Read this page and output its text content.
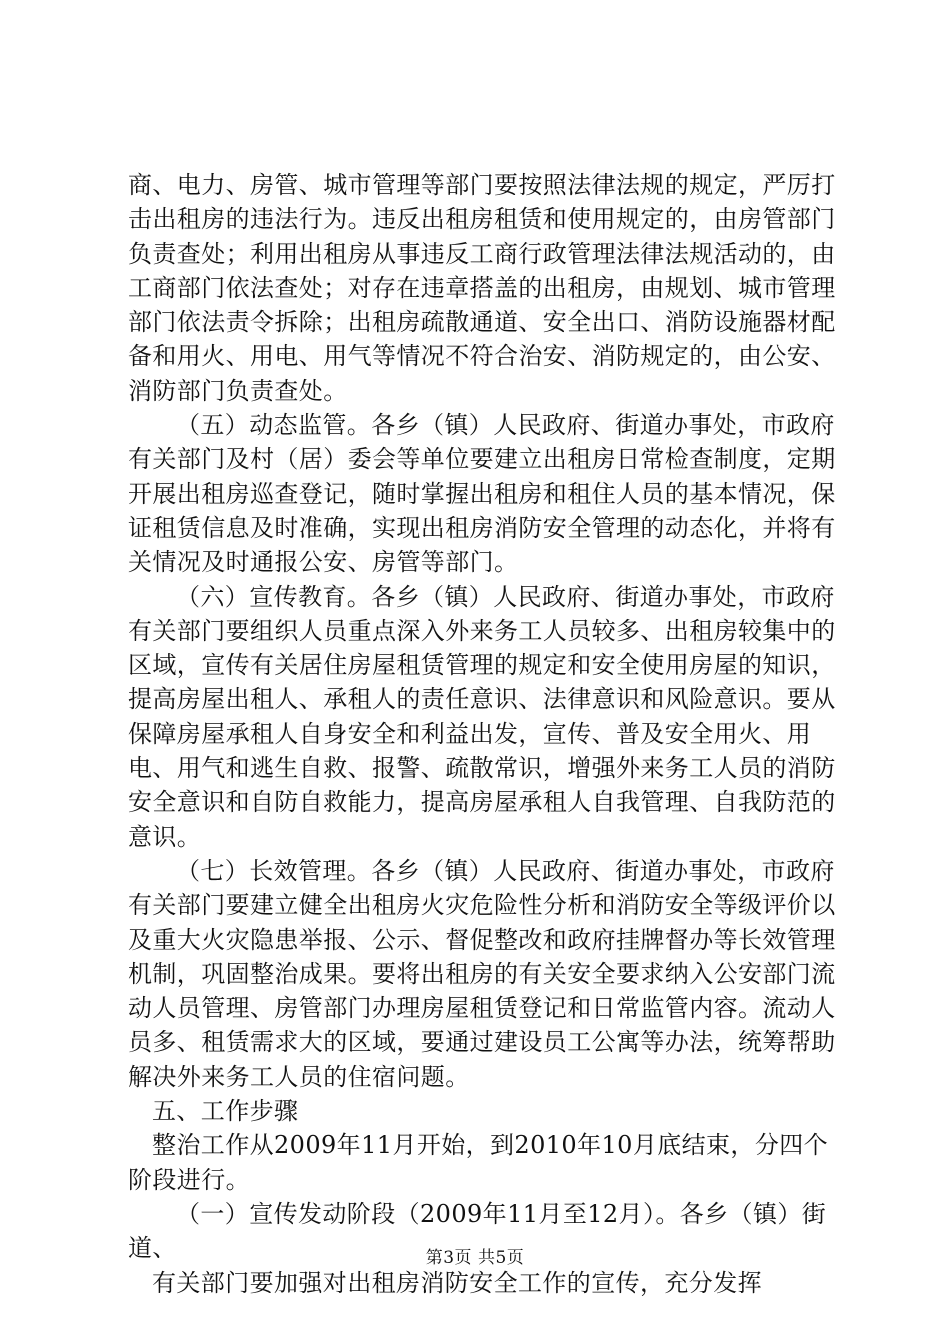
商、电力、房管、城市管理等部门要按照法律法规的规定，严厉打击出租房的违法行为。违反出租房租赁和使用规定的，由房管部门负责查处；利用出租房从事违反工商行政管理法律法规活动的，由工商部门依法查处；对存在违章搭盖的出租房，由规划、城市管理部门依法责令拆除；出租房疏散通道、安全出口、消防设施器材配备和用火、用电、用气等情况不符合治安、消防规定的，由公安、消防部门负责查处。

（五）动态监管。各乡（镇）人民政府、街道办事处，市政府有关部门及村（居）委会等单位要建立出租房日常检查制度，定期开展出租房巡查登记，随时掌握出租房和租住人员的基本情况，保证租赁信息及时准确，实现出租房消防安全管理的动态化，并将有关情况及时通报公安、房管等部门。

（六）宣传教育。各乡（镇）人民政府、街道办事处，市政府有关部门要组织人员重点深入外来务工人员较多、出租房较集中的区域，宣传有关居住房屋租赁管理的规定和安全使用房屋的知识，提高房屋出租人、承租人的责任意识、法律意识和风险意识。要从保障房屋承租人自身安全和利益出发，宣传、普及安全用火、用电、用气和逃生自救、报警、疏散常识，增强外来务工人员的消防安全意识和自防自救能力，提高房屋承租人自我管理、自我防范的意识。

（七）长效管理。各乡（镇）人民政府、街道办事处，市政府有关部门要建立健全出租房火灾危险性分析和消防安全等级评价以及重大火灾隐患举报、公示、督促整改和政府挂牌督办等长效管理机制，巩固整治成果。要将出租房的有关安全要求纳入公安部门流动人员管理、房管部门办理房屋租赁登记和日常监管内容。流动人员多、租赁需求大的区域，要通过建设员工公寓等办法，统筹帮助解决外来务工人员的住宿问题。

五、工作步骤

整治工作从2009年11月开始，到2010年10月底结束，分四个阶段进行。

（一）宣传发动阶段（2009年11月至12月）。各乡（镇）街道、

有关部门要加强对出租房消防安全工作的宣传，充分发挥

第3页 共5页
